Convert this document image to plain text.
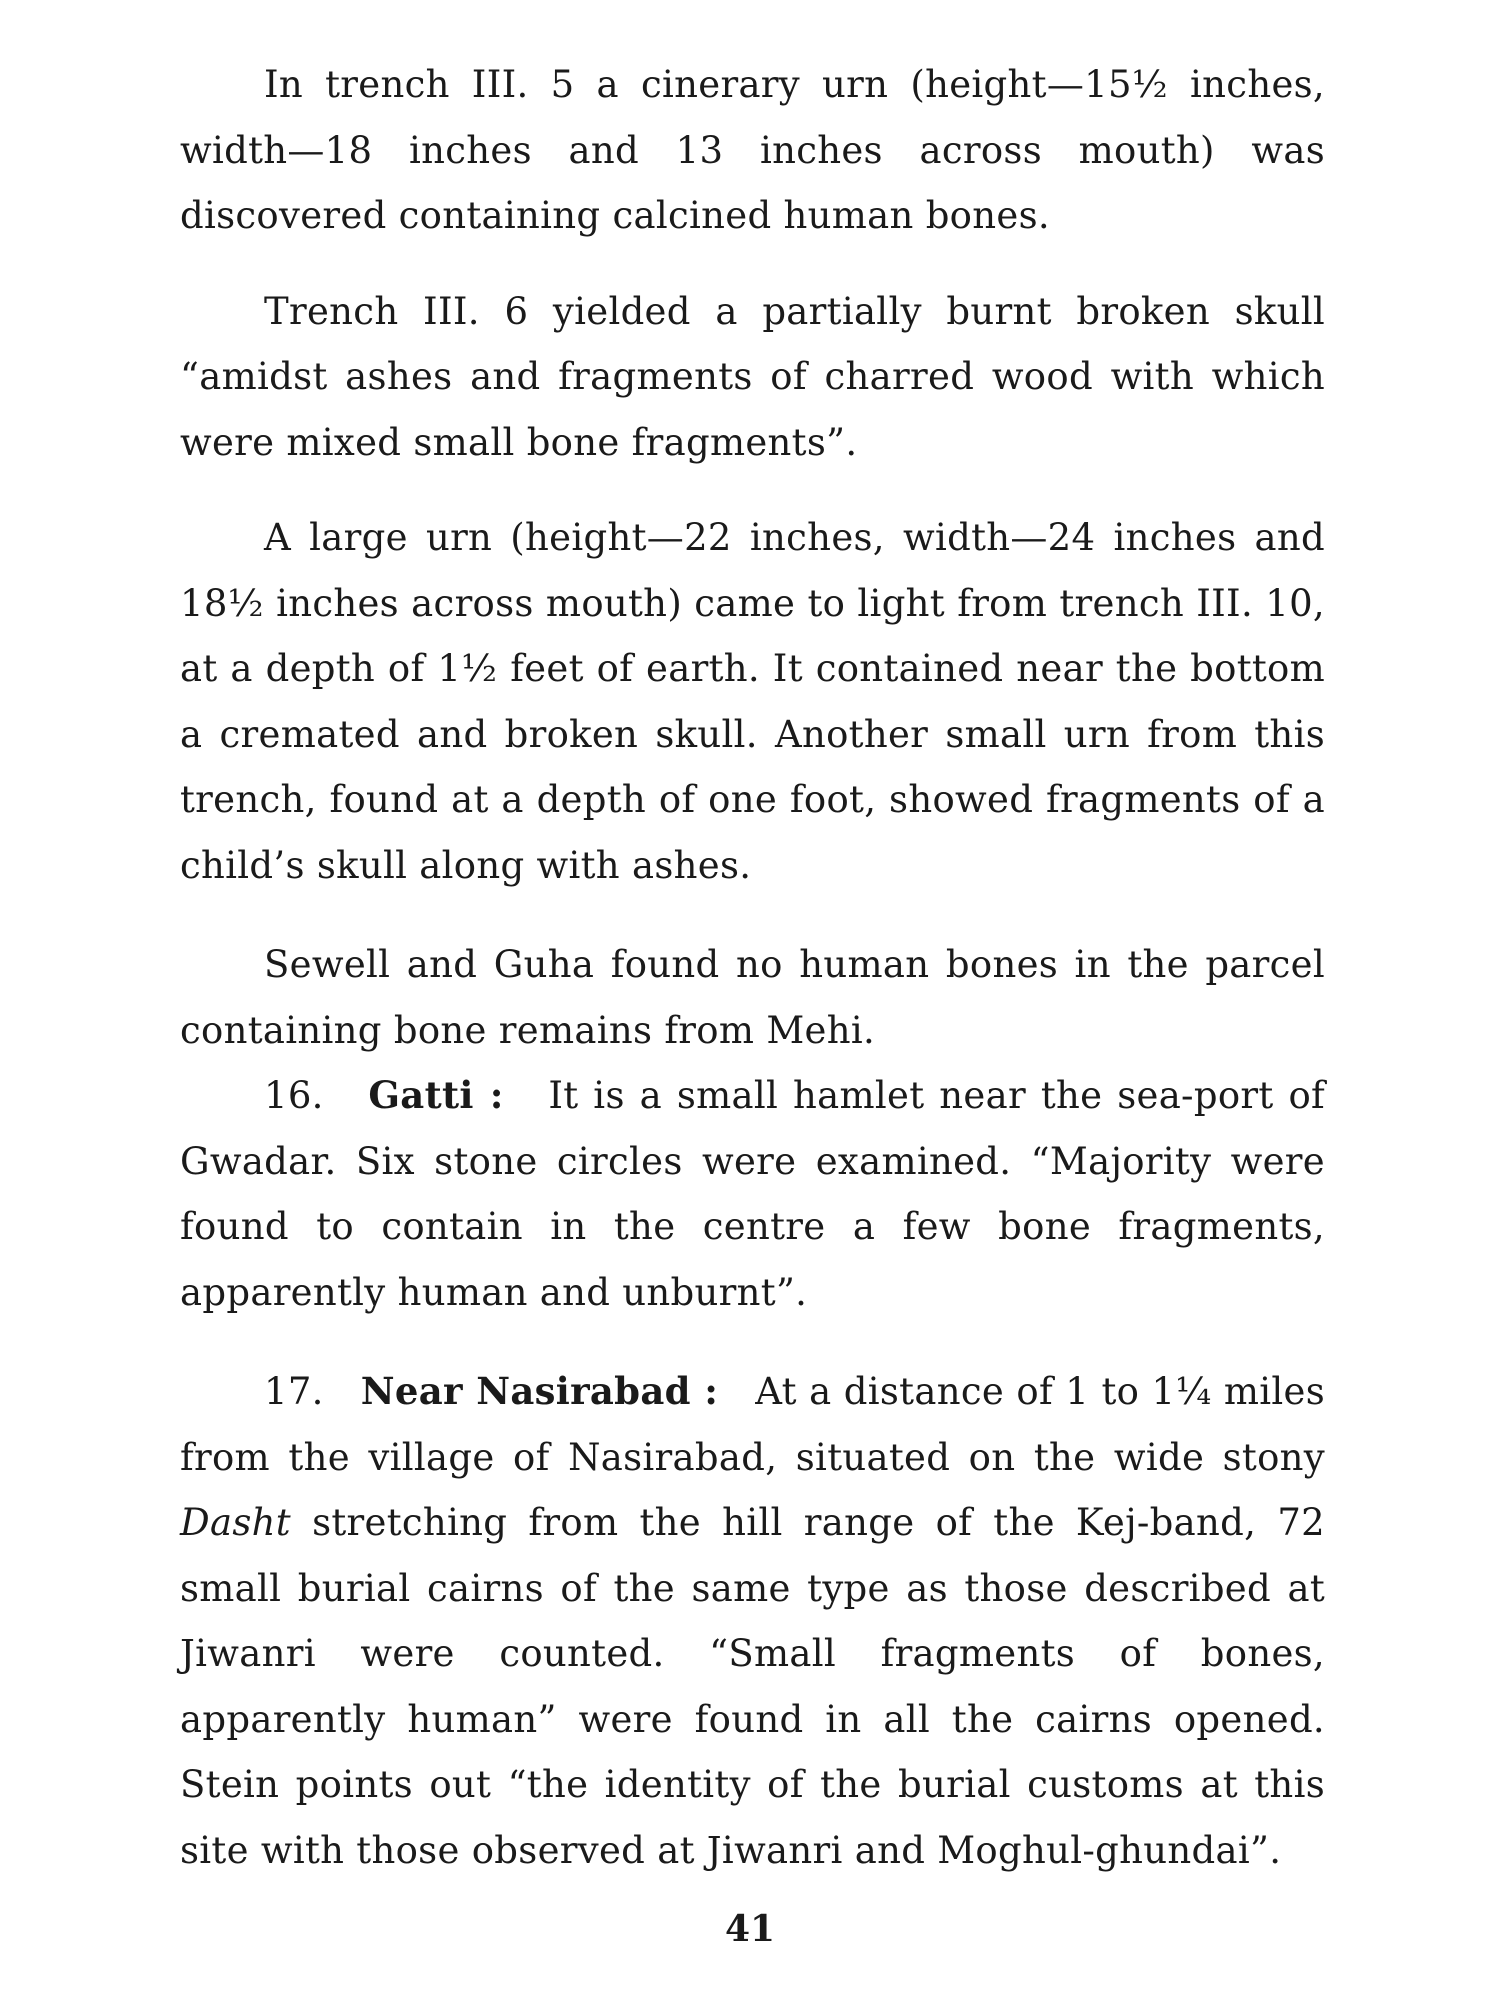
In trench III. 5 a cinerary urn (height—15½ inches, width—18 inches and 13 inches across mouth) was discovered containing calcined human bones.

Trench III. 6 yielded a partially burnt broken skull “amidst ashes and fragments of charred wood with which were mixed small bone fragments”.

A large urn (height—22 inches, width—24 inches and 18½ inches across mouth) came to light from trench III. 10, at a depth of 1½ feet of earth. It contained near the bottom a cremated and broken skull. Another small urn from this trench, found at a depth of one foot, showed fragments of a child’s skull along with ashes.

Sewell and Guha found no human bones in the parcel containing bone remains from Mehi.

16. Gatti : It is a small hamlet near the sea-port of Gwadar. Six stone circles were examined. “Majority were found to contain in the centre a few bone fragments, apparently human and unburnt”.

17. Near Nasirabad : At a distance of 1 to 1¼ miles from the village of Nasirabad, situated on the wide stony Dasht stretching from the hill range of the Kej-band, 72 small burial cairns of the same type as those described at Jiwanri were counted. “Small fragments of bones, apparently human” were found in all the cairns opened. Stein points out “the identity of the burial customs at this site with those observed at Jiwanri and Moghul-ghundai”.

41
